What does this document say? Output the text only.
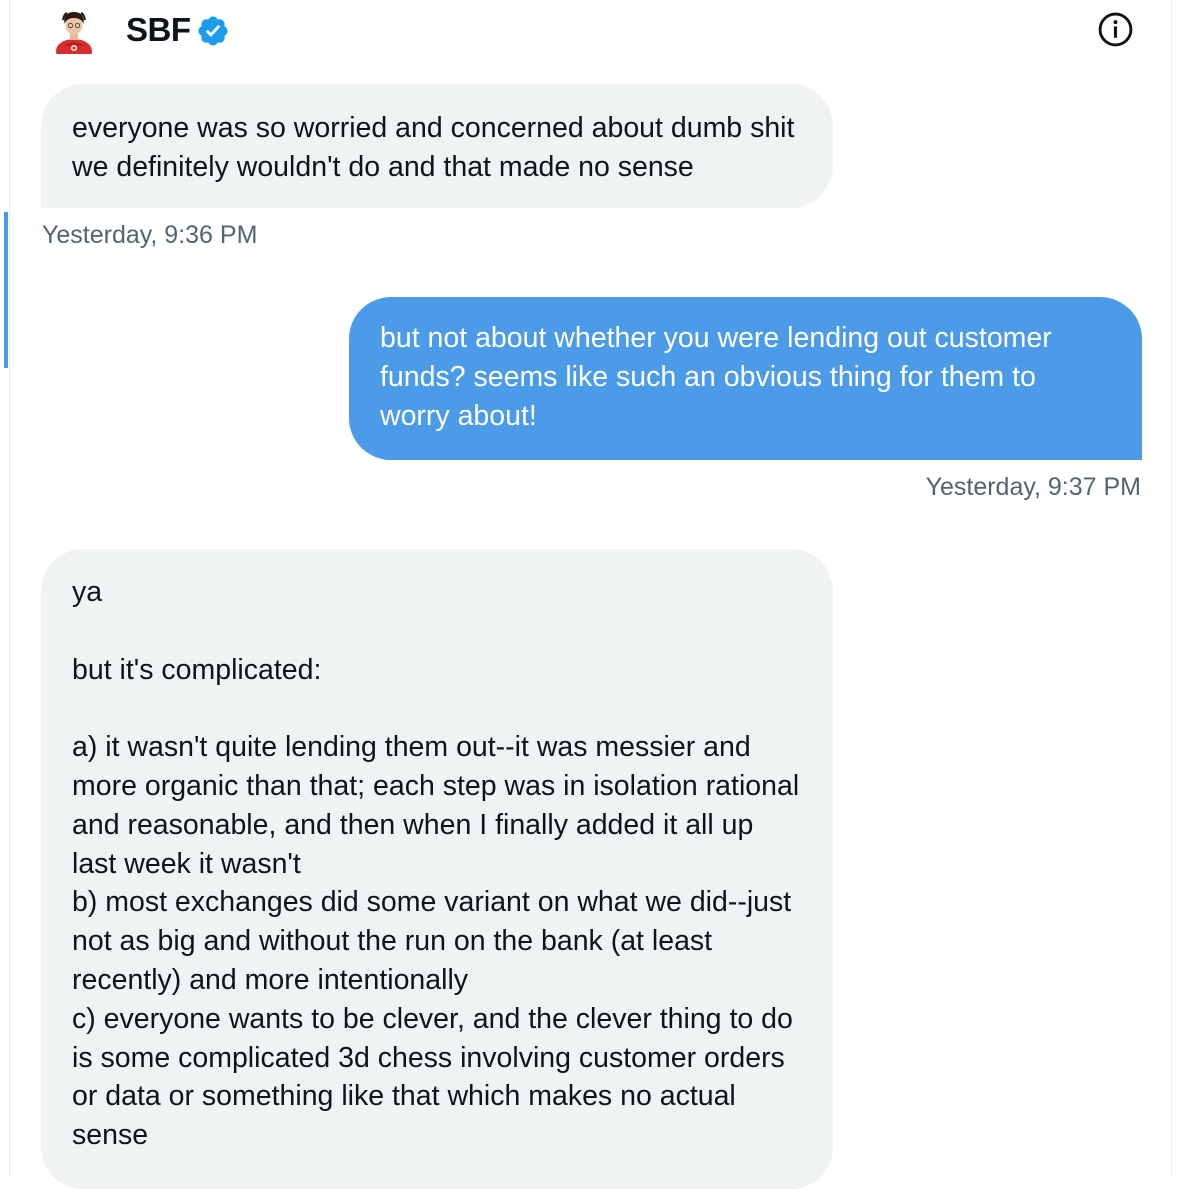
SBF
everyone was so worried and concerned about dumb shit we definitely wouldn't do and that made no sense
Yesterday, 9:36 PM
but not about whether you were lending out customer funds? seems like such an obvious thing for them to worry about!
Yesterday, 9:37 PM
ya

but it's complicated:

a) it wasn't quite lending them out--it was messier and more organic than that; each step was in isolation rational and reasonable, and then when I finally added it all up last week it wasn't
b) most exchanges did some variant on what we did--just not as big and without the run on the bank (at least recently) and more intentionally
c) everyone wants to be clever, and the clever thing to do is some complicated 3d chess involving customer orders or data or something like that which makes no actual sense
